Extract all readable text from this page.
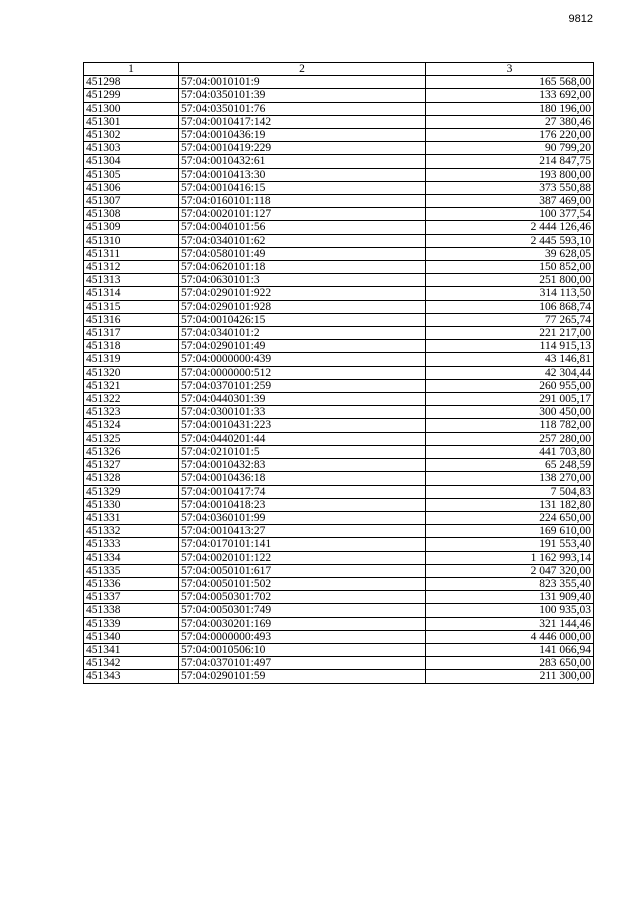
9812
1	2	3
451298	57:04:0010101:9	165 568,00
451299	57:04:0350101:39	133 692,00
451300	57:04:0350101:76	180 196,00
451301	57:04:0010417:142	27 380,46
451302	57:04:0010436:19	176 220,00
451303	57:04:0010419:229	90 799,20
451304	57:04:0010432:61	214 847,75
451305	57:04:0010413:30	193 800,00
451306	57:04:0010416:15	373 550,88
451307	57:04:0160101:118	387 469,00
451308	57:04:0020101:127	100 377,54
451309	57:04:0040101:56	2 444 126,46
451310	57:04:0340101:62	2 445 593,10
451311	57:04:0580101:49	39 628,05
451312	57:04:0620101:18	150 852,00
451313	57:04:0630101:3	251 800,00
451314	57:04:0290101:922	314 113,50
451315	57:04:0290101:928	106 868,74
451316	57:04:0010426:15	77 265,74
451317	57:04:0340101:2	221 217,00
451318	57:04:0290101:49	114 915,13
451319	57:04:0000000:439	43 146,81
451320	57:04:0000000:512	42 304,44
451321	57:04:0370101:259	260 955,00
451322	57:04:0440301:39	291 005,17
451323	57:04:0300101:33	300 450,00
451324	57:04:0010431:223	118 782,00
451325	57:04:0440201:44	257 280,00
451326	57:04:0210101:5	441 703,80
451327	57:04:0010432:83	65 248,59
451328	57:04:0010436:18	138 270,00
451329	57:04:0010417:74	7 504,83
451330	57:04:0010418:23	131 182,80
451331	57:04:0360101:99	224 650,00
451332	57:04:0010413:27	169 610,00
451333	57:04:0170101:141	191 553,40
451334	57:04:0020101:122	1 162 993,14
451335	57:04:0050101:617	2 047 320,00
451336	57:04:0050101:502	823 355,40
451337	57:04:0050301:702	131 909,40
451338	57:04:0050301:749	100 935,03
451339	57:04:0030201:169	321 144,46
451340	57:04:0000000:493	4 446 000,00
451341	57:04:0010506:10	141 066,94
451342	57:04:0370101:497	283 650,00
451343	57:04:0290101:59	211 300,00
